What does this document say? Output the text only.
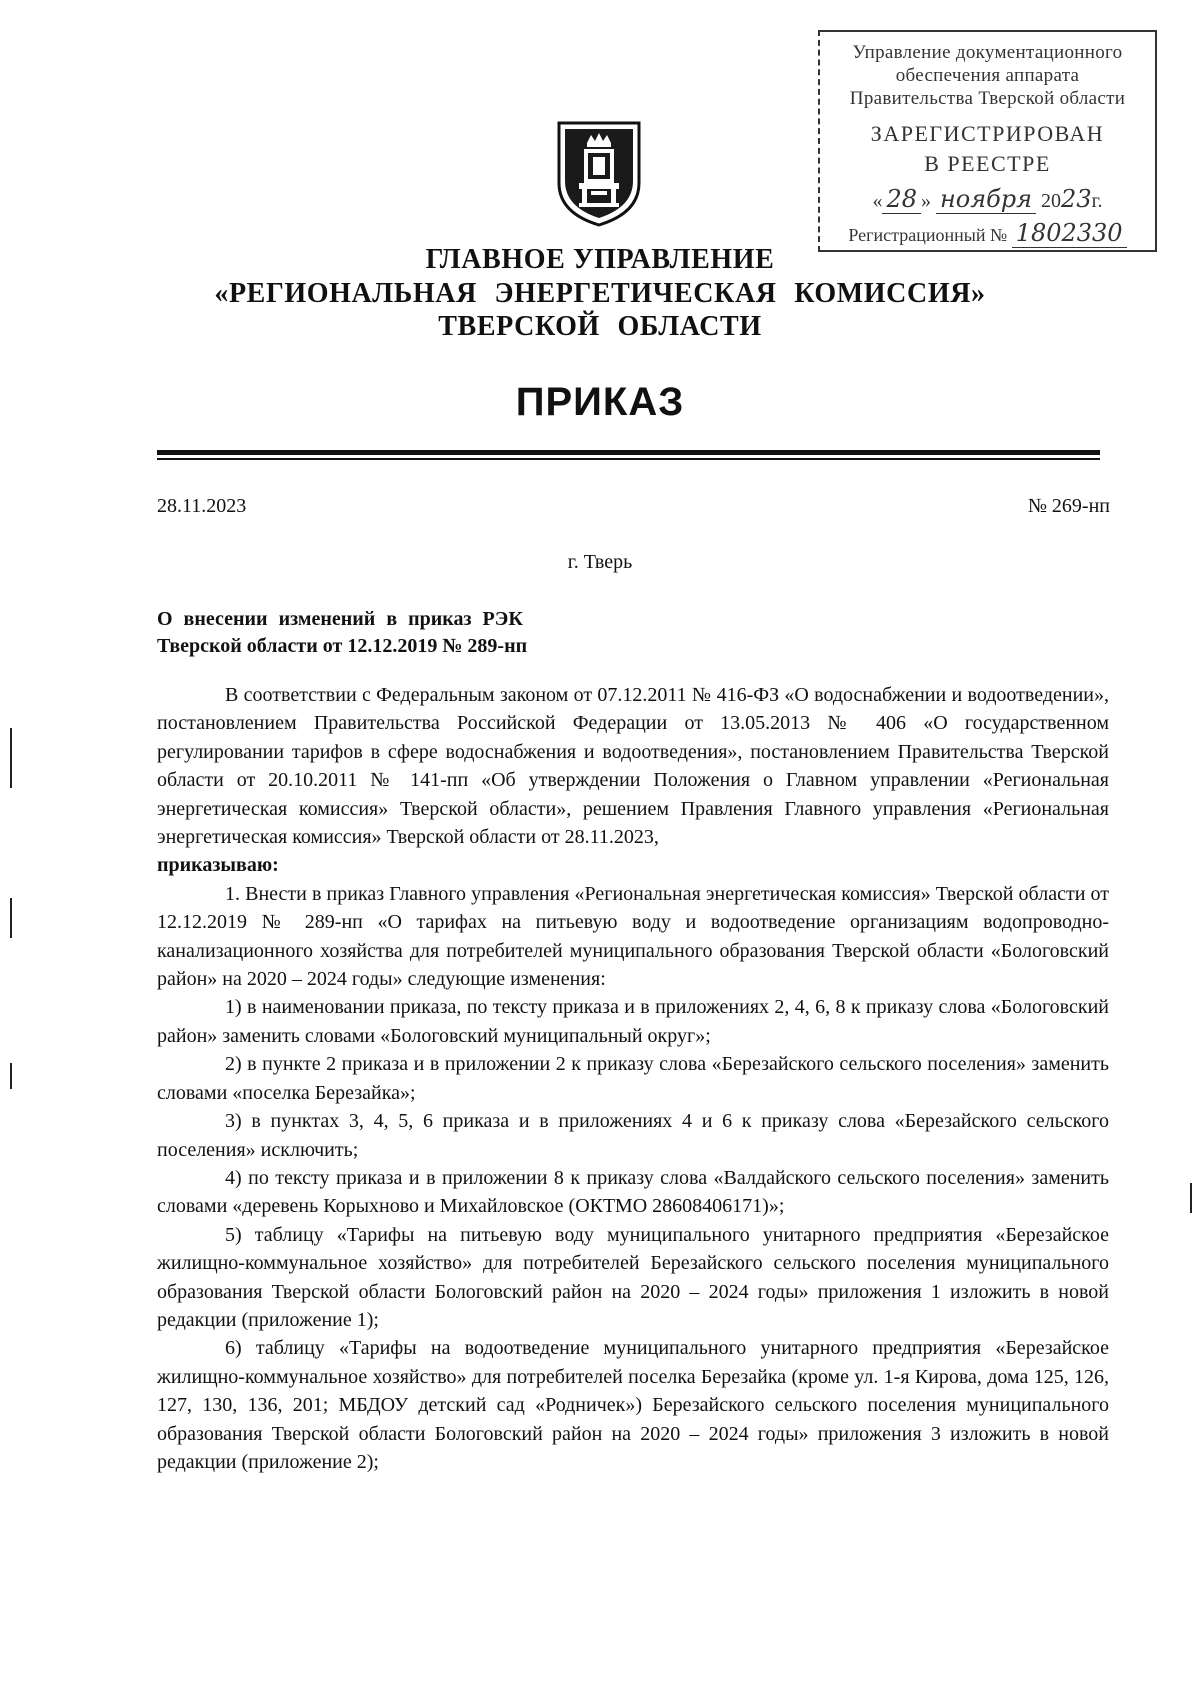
Управление документационного
обеспечения аппарата
Правительства Тверской области
ЗАРЕГИСТРИРОВАН
В РЕЕСТРЕ
« 28 » ноября 2023г.
Регистрационный № 1802330
ГЛАВНОЕ УПРАВЛЕНИЕ
«РЕГИОНАЛЬНАЯ ЭНЕРГЕТИЧЕСКАЯ КОМИССИЯ»
ТВЕРСКОЙ ОБЛАСТИ
ПРИКАЗ
28.11.2023	№ 269-нп
г. Тверь
О внесении изменений в приказ РЭК
Тверской области от 12.12.2019 № 289-нп

В соответствии с Федеральным законом от 07.12.2011 № 416-ФЗ «О водоснабжении и водоотведении», постановлением Правительства Российской Федерации от 13.05.2013 № 406 «О государственном регулировании тарифов в сфере водоснабжения и водоотведения», постановлением Правительства Тверской области от 20.10.2011 № 141-пп «Об утверждении Положения о Главном управлении «Региональная энергетическая комиссия» Тверской области», решением Правления Главного управления «Региональная энергетическая комиссия» Тверской области от 28.11.2023,

приказываю:

1. Внести в приказ Главного управления «Региональная энергетическая комиссия» Тверской области от 12.12.2019 № 289-нп «О тарифах на питьевую воду и водоотведение организациям водопроводно-канализационного хозяйства для потребителей муниципального образования Тверской области «Бологовский район» на 2020 – 2024 годы» следующие изменения:

1) в наименовании приказа, по тексту приказа и в приложениях 2, 4, 6, 8 к приказу слова «Бологовский район» заменить словами «Бологовский муниципальный округ»;

2) в пункте 2 приказа и в приложении 2 к приказу слова «Березайского сельского поселения» заменить словами «поселка Березайка»;

3) в пунктах 3, 4, 5, 6 приказа и в приложениях 4 и 6 к приказу слова «Березайского сельского поселения» исключить;

4) по тексту приказа и в приложении 8 к приказу слова «Валдайского сельского поселения» заменить словами «деревень Корыхново и Михайловское (ОКТМО 28608406171)»;

5) таблицу «Тарифы на питьевую воду муниципального унитарного предприятия «Березайское жилищно-коммунальное хозяйство» для потребителей Березайского сельского поселения муниципального образования Тверской области Бологовский район на 2020 – 2024 годы» приложения 1 изложить в новой редакции (приложение 1);

6) таблицу «Тарифы на водоотведение муниципального унитарного предприятия «Березайское жилищно-коммунальное хозяйство» для потребителей поселка Березайка (кроме ул. 1-я Кирова, дома 125, 126, 127, 130, 136, 201; МБДОУ детский сад «Родничек») Березайского сельского поселения муниципального образования Тверской области Бологовский район на 2020 – 2024 годы» приложения 3 изложить в новой редакции (приложение 2);
